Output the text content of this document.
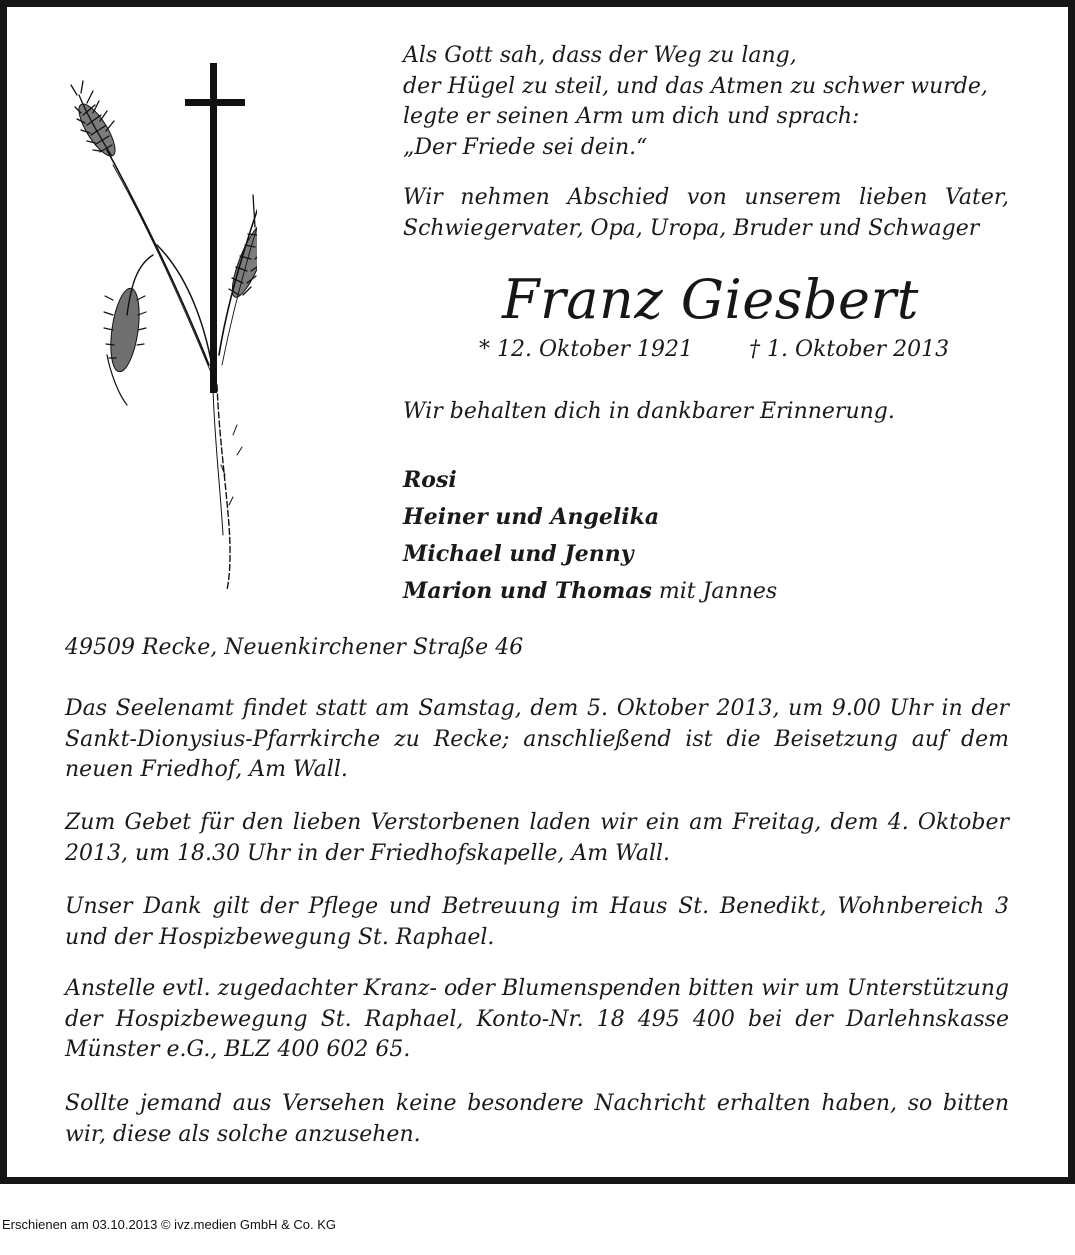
Als Gott sah, dass der Weg zu lang,
der Hügel zu steil, und das Atmen zu schwer wurde,
legte er seinen Arm um dich und sprach:
„Der Friede sei dein.“
Wir nehmen Abschied von unserem lieben Vater,
Schwiegervater, Opa, Uropa, Bruder und Schwager
Franz Giesbert
* 12. Oktober 1921	† 1. Oktober 2013
Wir behalten dich in dankbarer Erinnerung.
Rosi
Heiner und Angelika
Michael und Jenny
Marion und Thomas mit Jannes
49509 Recke, Neuenkirchener Straße 46

Das Seelenamt findet statt am Samstag, dem 5. Oktober 2013, um 9.00 Uhr in der Sankt-Dionysius-Pfarrkirche zu Recke; anschließend ist die Beisetzung auf dem neuen Friedhof, Am Wall.

Zum Gebet für den lieben Verstorbenen laden wir ein am Freitag, dem 4. Oktober 2013, um 18.30 Uhr in der Friedhofskapelle, Am Wall.

Unser Dank gilt der Pflege und Betreuung im Haus St. Benedikt, Wohnbereich 3 und der Hospizbewegung St. Raphael.

Anstelle evtl. zugedachter Kranz- oder Blumenspenden bitten wir um Unterstützung der Hospizbewegung St. Raphael, Konto-Nr. 18 495 400 bei der Darlehnskasse Münster e.G., BLZ 400 602 65.

Sollte jemand aus Versehen keine besondere Nachricht erhalten haben, so bitten wir, diese als solche anzusehen.

Erschienen am 03.10.2013 © ivz.medien GmbH & Co. KG
